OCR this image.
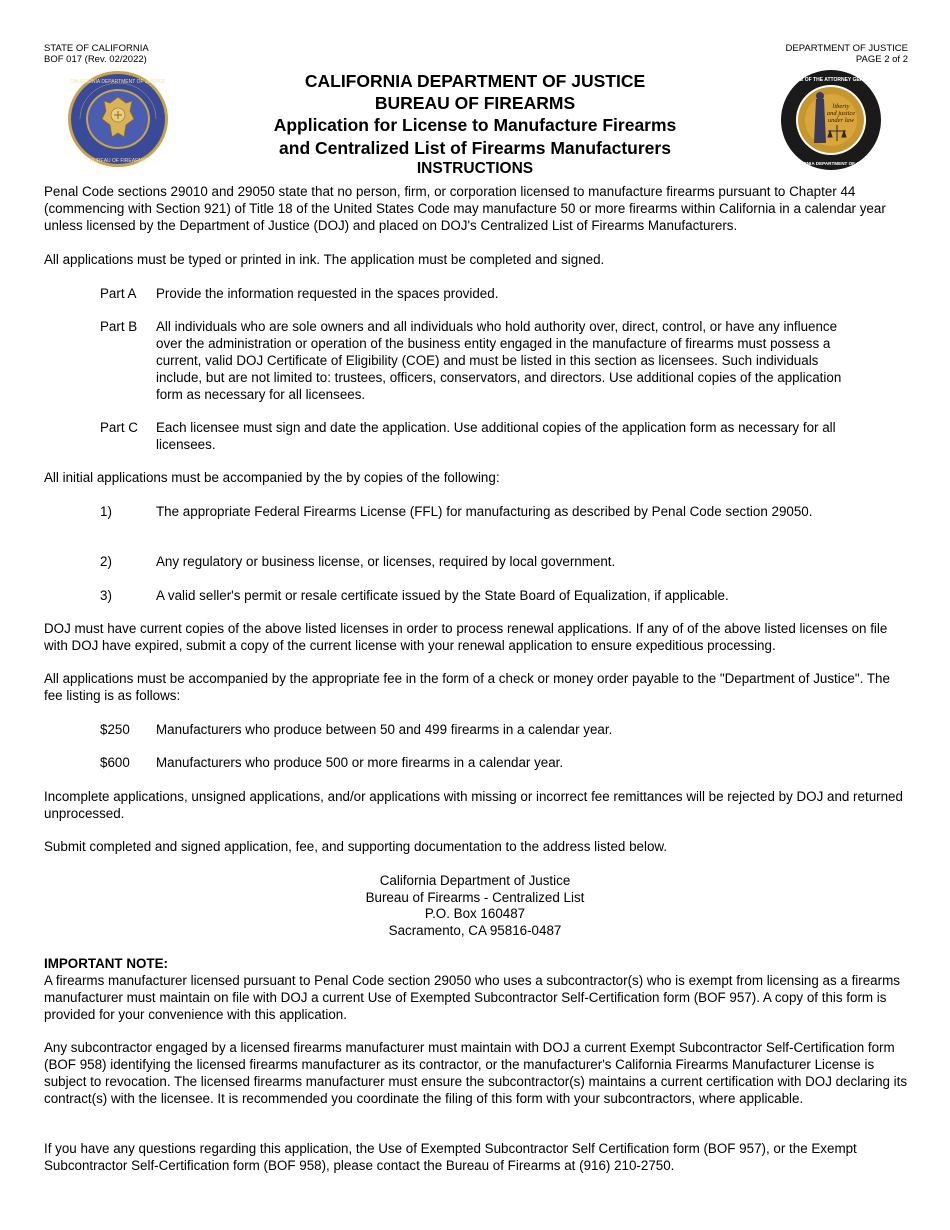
STATE OF CALIFORNIA
BOF 017 (Rev. 02/2022)
DEPARTMENT OF JUSTICE
PAGE 2 of 2
CALIFORNIA DEPARTMENT OF JUSTICE
BUREAU OF FIREARMS
liberty
and justice
under law
OFFICE OF THE ATTORNEY GENERAL
CALIFORNIA DEPARTMENT OF JUSTICE
CALIFORNIA DEPARTMENT OF JUSTICE
BUREAU OF FIREARMS
Application for License to Manufacture Firearms
and Centralized List of Firearms Manufacturers
INSTRUCTIONS
Penal Code sections 29010 and 29050 state that no person, firm, or corporation licensed to manufacture firearms pursuant to Chapter 44 (commencing with Section 921) of Title 18 of the United States Code may manufacture 50 or more firearms within California in a calendar year unless licensed by the Department of Justice (DOJ) and placed on DOJ's Centralized List of Firearms Manufacturers.
All applications must be typed or printed in ink. The application must be completed and signed.
Part A Provide the information requested in the spaces provided.
Part B All individuals who are sole owners and all individuals who hold authority over, direct, control, or have any influence over the administration or operation of the business entity engaged in the manufacture of firearms must possess a current, valid DOJ Certificate of Eligibility (COE) and must be listed in this section as licensees. Such individuals include, but are not limited to: trustees, officers, conservators, and directors. Use additional copies of the application form as necessary for all licensees.
Part C Each licensee must sign and date the application. Use additional copies of the application form as necessary for all licensees.
All initial applications must be accompanied by the by copies of the following:
1)	The appropriate Federal Firearms License (FFL) for manufacturing as described by Penal Code section 29050.
2)	Any regulatory or business license, or licenses, required by local government.
3)	A valid seller's permit or resale certificate issued by the State Board of Equalization, if applicable.
DOJ must have current copies of the above listed licenses in order to process renewal applications. If any of of the above listed licenses on file with DOJ have expired, submit a copy of the current license with your renewal application to ensure expeditious processing.
All applications must be accompanied by the appropriate fee in the form of a check or money order payable to the "Department of Justice". The fee listing is as follows:
$250 Manufacturers who produce between 50 and 499 firearms in a calendar year.
$600 Manufacturers who produce 500 or more firearms in a calendar year.
Incomplete applications, unsigned applications, and/or applications with missing or incorrect fee remittances will be rejected by DOJ and returned unprocessed.
Submit completed and signed application, fee, and supporting documentation to the address listed below.
California Department of Justice
Bureau of Firearms - Centralized List
P.O. Box 160487
Sacramento, CA 95816-0487
IMPORTANT NOTE:
A firearms manufacturer licensed pursuant to Penal Code section 29050 who uses a subcontractor(s) who is exempt from licensing as a firearms manufacturer must maintain on file with DOJ a current Use of Exempted Subcontractor Self-Certification form (BOF 957). A copy of this form is provided for your convenience with this application.
Any subcontractor engaged by a licensed firearms manufacturer must maintain with DOJ a current Exempt Subcontractor Self-Certification form (BOF 958) identifying the licensed firearms manufacturer as its contractor, or the manufacturer's California Firearms Manufacturer License is subject to revocation. The licensed firearms manufacturer must ensure the subcontractor(s) maintains a current certification with DOJ declaring its contract(s) with the licensee. It is recommended you coordinate the filing of this form with your subcontractors, where applicable.
If you have any questions regarding this application, the Use of Exempted Subcontractor Self Certification form (BOF 957), or the Exempt Subcontractor Self-Certification form (BOF 958), please contact the Bureau of Firearms at (916) 210-2750.
